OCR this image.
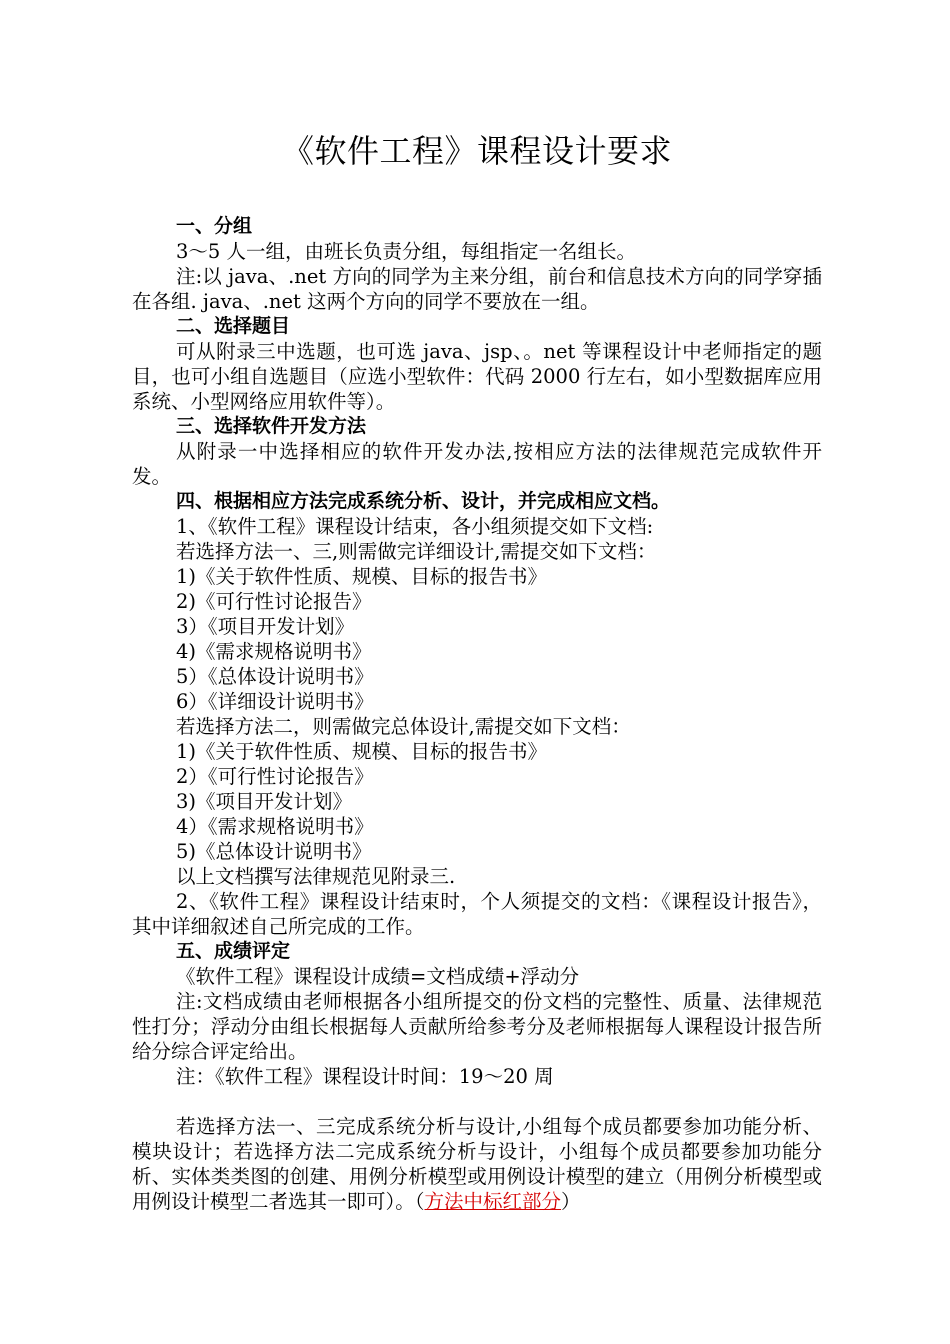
《软件工程》课程设计要求
一、分组
3～5 人一组，由班长负责分组，每组指定一名组长。
注:以 java、.net 方向的同学为主来分组，前台和信息技术方向的同学穿插在各组. java、.net 这两个方向的同学不要放在一组。
二、选择题目
可从附录三中选题，也可选 java、jsp、。net 等课程设计中老师指定的题目，也可小组自选题目（应选小型软件：代码 2000 行左右，如小型数据库应用系统、小型网络应用软件等）。
三、选择软件开发方法
从附录一中选择相应的软件开发办法,按相应方法的法律规范完成软件开发。
四、根据相应方法完成系统分析、设计，并完成相应文档。
1、《软件工程》课程设计结束，各小组须提交如下文档:
若选择方法一、三,则需做完详细设计,需提交如下文档：
1)《关于软件性质、规模、目标的报告书》
2)《可行性讨论报告》
3）《项目开发计划》
4)《需求规格说明书》
5）《总体设计说明书》
6）《详细设计说明书》
若选择方法二，则需做完总体设计,需提交如下文档：
1)《关于软件性质、规模、目标的报告书》
2）《可行性讨论报告》
3)《项目开发计划》
4）《需求规格说明书》
5)《总体设计说明书》
以上文档撰写法律规范见附录三.
2、《软件工程》课程设计结束时，个人须提交的文档：《课程设计报告》，其中详细叙述自己所完成的工作。
五、成绩评定
《软件工程》课程设计成绩=文档成绩+浮动分
注:文档成绩由老师根据各小组所提交的份文档的完整性、质量、法律规范性打分；浮动分由组长根据每人贡献所给参考分及老师根据每人课程设计报告所给分综合评定给出。
注：《软件工程》课程设计时间：19～20 周
若选择方法一、三完成系统分析与设计,小组每个成员都要参加功能分析、模块设计；若选择方法二完成系统分析与设计，小组每个成员都要参加功能分析、实体类类图的创建、用例分析模型或用例设计模型的建立（用例分析模型或用例设计模型二者选其一即可）。（方法中标红部分）
